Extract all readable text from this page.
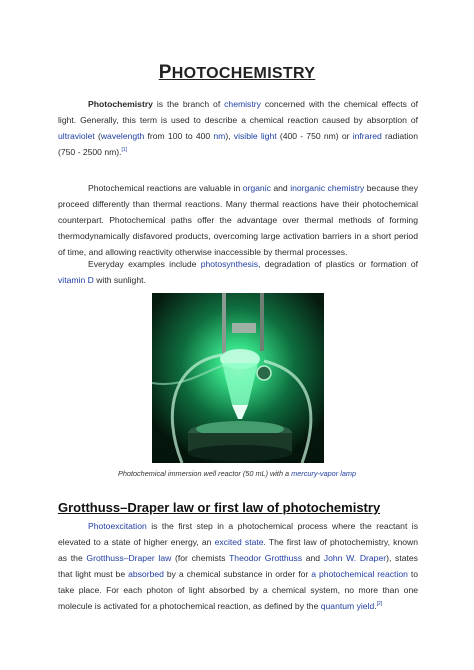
PHOTOCHEMISTRY
Photochemistry is the branch of chemistry concerned with the chemical effects of light. Generally, this term is used to describe a chemical reaction caused by absorption of ultraviolet (wavelength from 100 to 400 nm), visible light (400 - 750 nm) or infrared radiation (750 - 2500 nm).[1]
Photochemical reactions are valuable in organic and inorganic chemistry because they proceed differently than thermal reactions. Many thermal reactions have their photochemical counterpart. Photochemical paths offer the advantage over thermal methods of forming thermodynamically disfavored products, overcoming large activation barriers in a short period of time, and allowing reactivity otherwise inaccessible by thermal processes.
Everyday examples include photosynthesis, degradation of plastics or formation of vitamin D with sunlight.
Photochemical immersion well reactor (50 mL) with a mercury-vapor lamp
Grotthuss–Draper law or first law of photochemistry
Photoexcitation is the first step in a photochemical process where the reactant is elevated to a state of higher energy, an excited state. The first law of photochemistry, known as the Grotthuss–Draper law (for chemists Theodor Grotthuss and John W. Draper), states that light must be absorbed by a chemical substance in order for a photochemical reaction to take place. For each photon of light absorbed by a chemical system, no more than one molecule is activated for a photochemical reaction, as defined by the quantum yield.[2]
